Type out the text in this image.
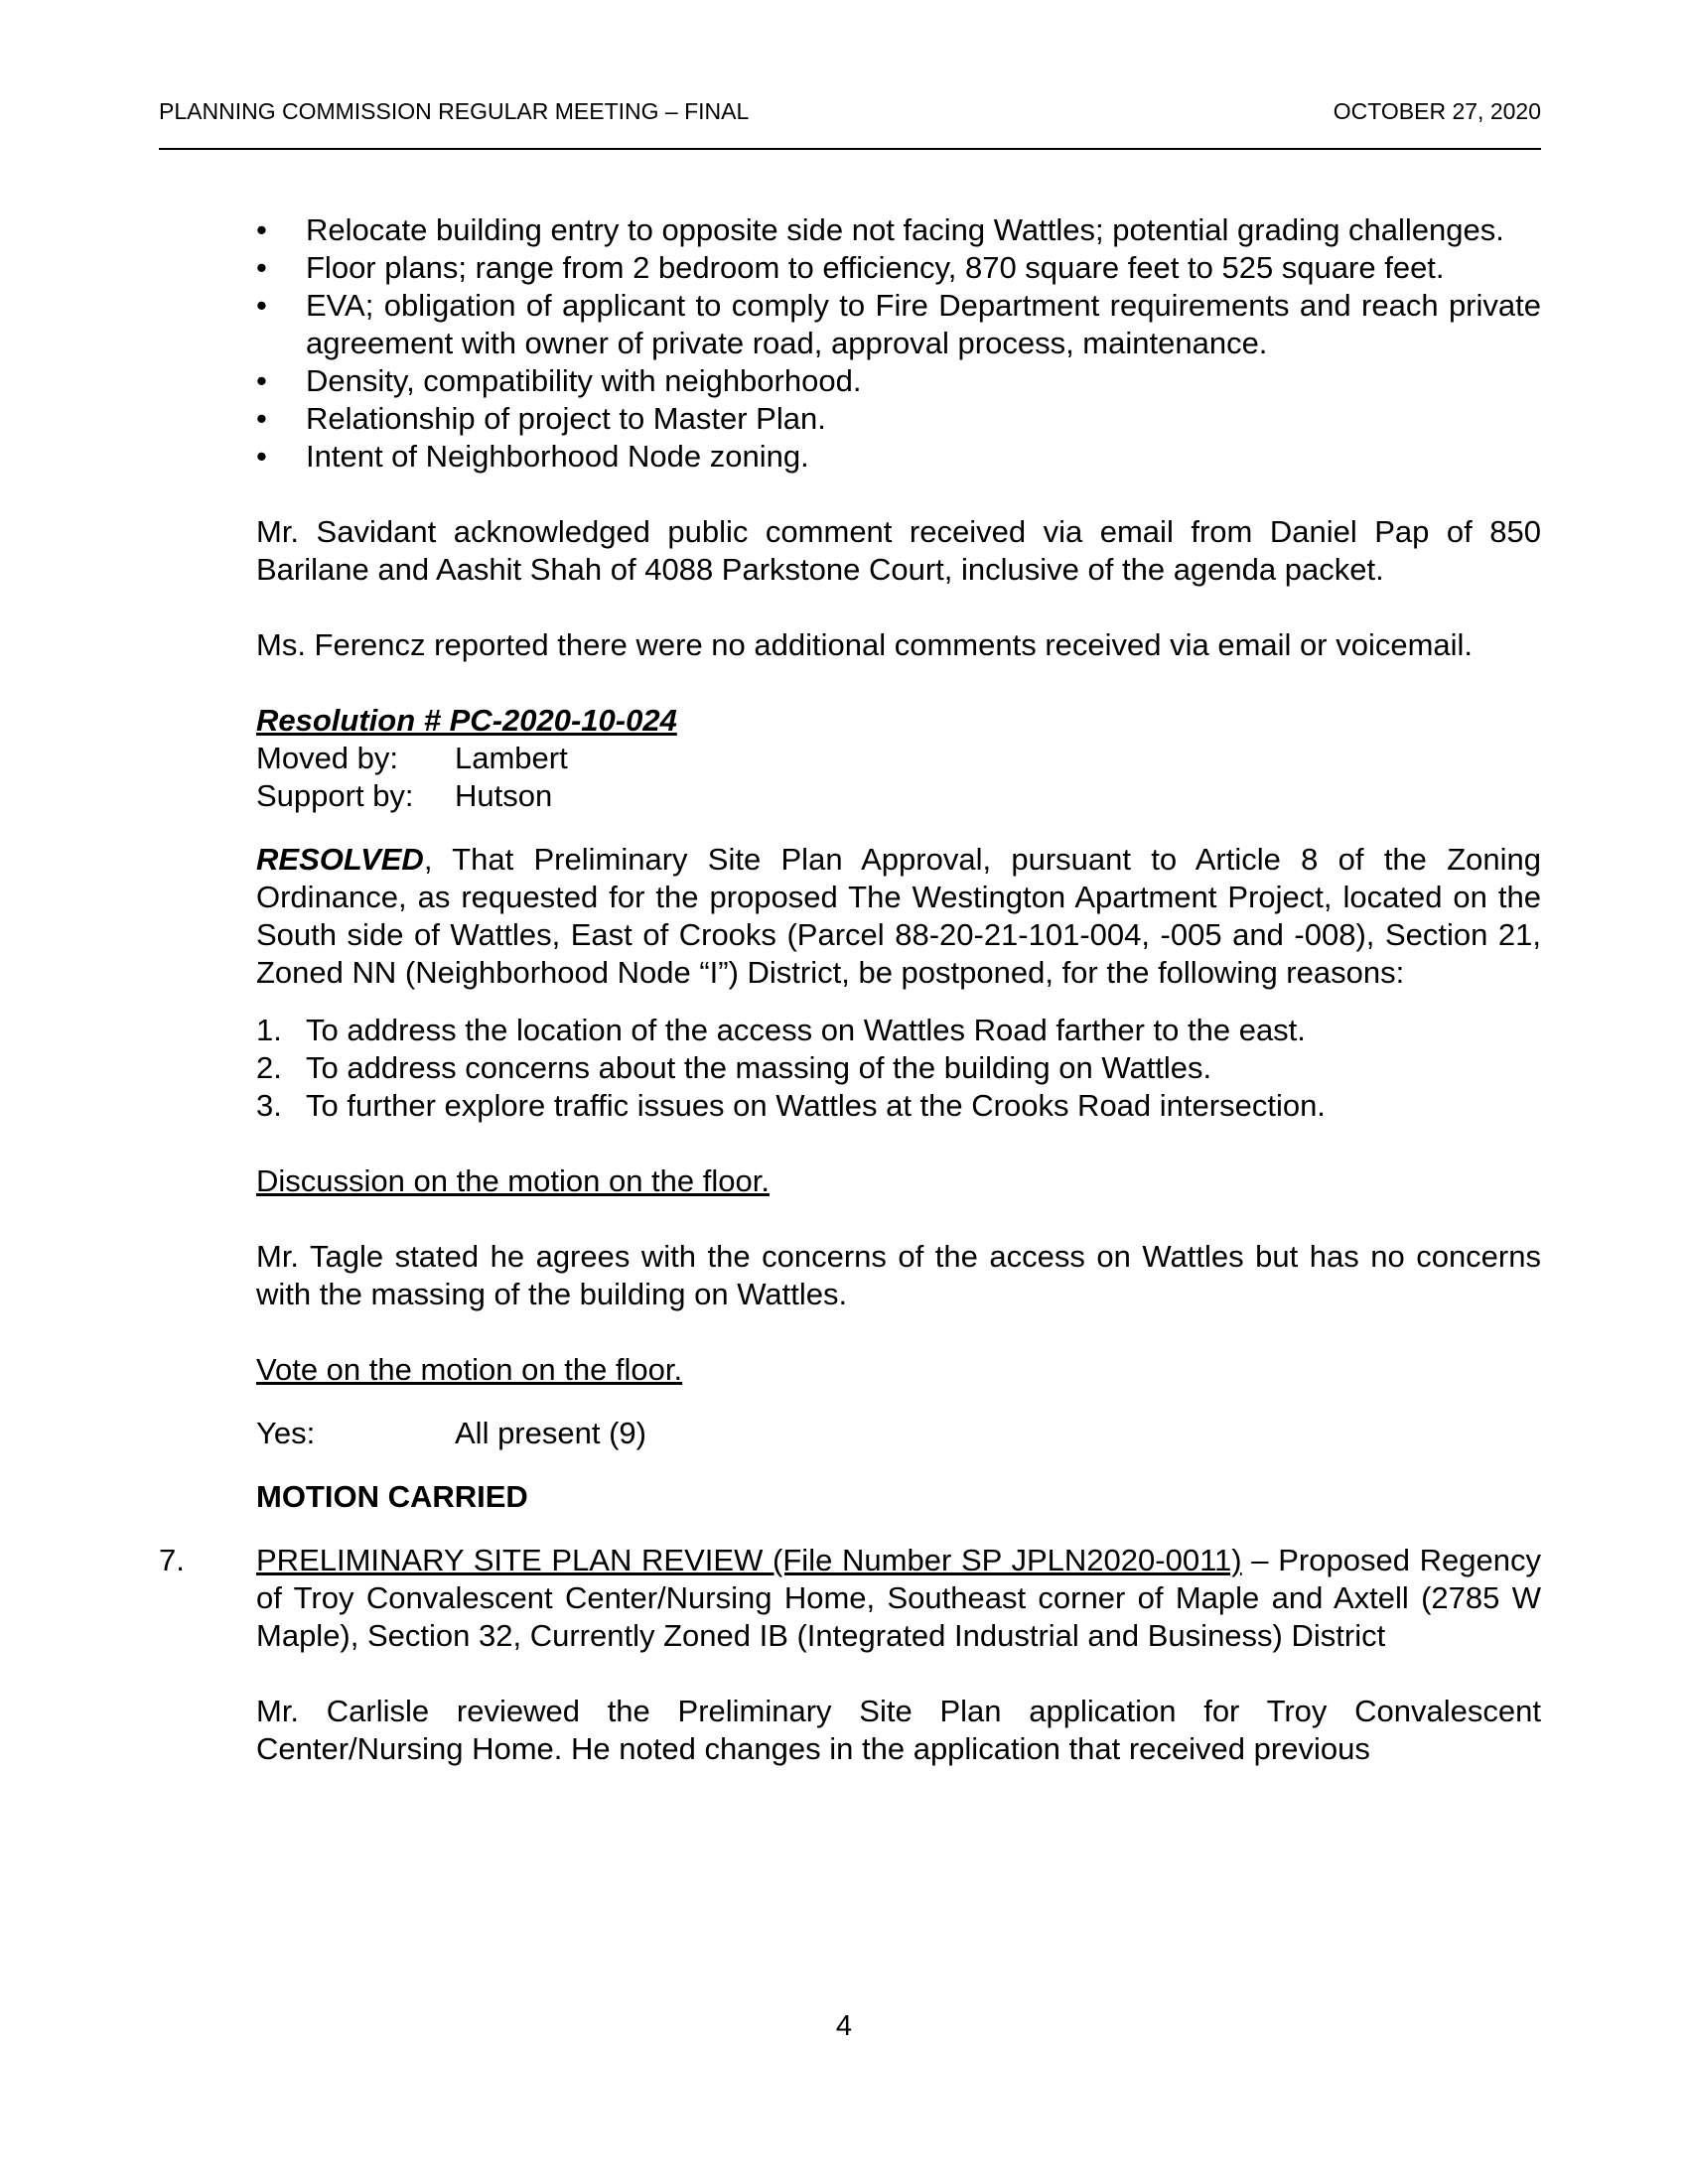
PLANNING COMMISSION REGULAR MEETING – FINAL	OCTOBER 27, 2020
• Relocate building entry to opposite side not facing Wattles; potential grading challenges.
• Floor plans; range from 2 bedroom to efficiency, 870 square feet to 525 square feet.
• EVA; obligation of applicant to comply to Fire Department requirements and reach private agreement with owner of private road, approval process, maintenance.
• Density, compatibility with neighborhood.
• Relationship of project to Master Plan.
• Intent of Neighborhood Node zoning.

Mr. Savidant acknowledged public comment received via email from Daniel Pap of 850 Barilane and Aashit Shah of 4088 Parkstone Court, inclusive of the agenda packet.

Ms. Ferencz reported there were no additional comments received via email or voicemail.

Resolution # PC-2020-10-024
Moved by:	Lambert
Support by:	Hutson

RESOLVED, That Preliminary Site Plan Approval, pursuant to Article 8 of the Zoning Ordinance, as requested for the proposed The Westington Apartment Project, located on the South side of Wattles, East of Crooks (Parcel 88-20-21-101-004, -005 and -008), Section 21, Zoned NN (Neighborhood Node “I”) District, be postponed, for the following reasons:

1. To address the location of the access on Wattles Road farther to the east.
2. To address concerns about the massing of the building on Wattles.
3. To further explore traffic issues on Wattles at the Crooks Road intersection.
Discussion on the motion on the floor.

Mr. Tagle stated he agrees with the concerns of the access on Wattles but has no concerns with the massing of the building on Wattles.

Vote on the motion on the floor.
Yes:	All present (9)
MOTION CARRIED
7. PRELIMINARY SITE PLAN REVIEW (File Number SP JPLN2020-0011) – Proposed Regency of Troy Convalescent Center/Nursing Home, Southeast corner of Maple and Axtell (2785 W Maple), Section 32, Currently Zoned IB (Integrated Industrial and Business) District

Mr. Carlisle reviewed the Preliminary Site Plan application for Troy Convalescent Center/Nursing Home. He noted changes in the application that received previous

4
